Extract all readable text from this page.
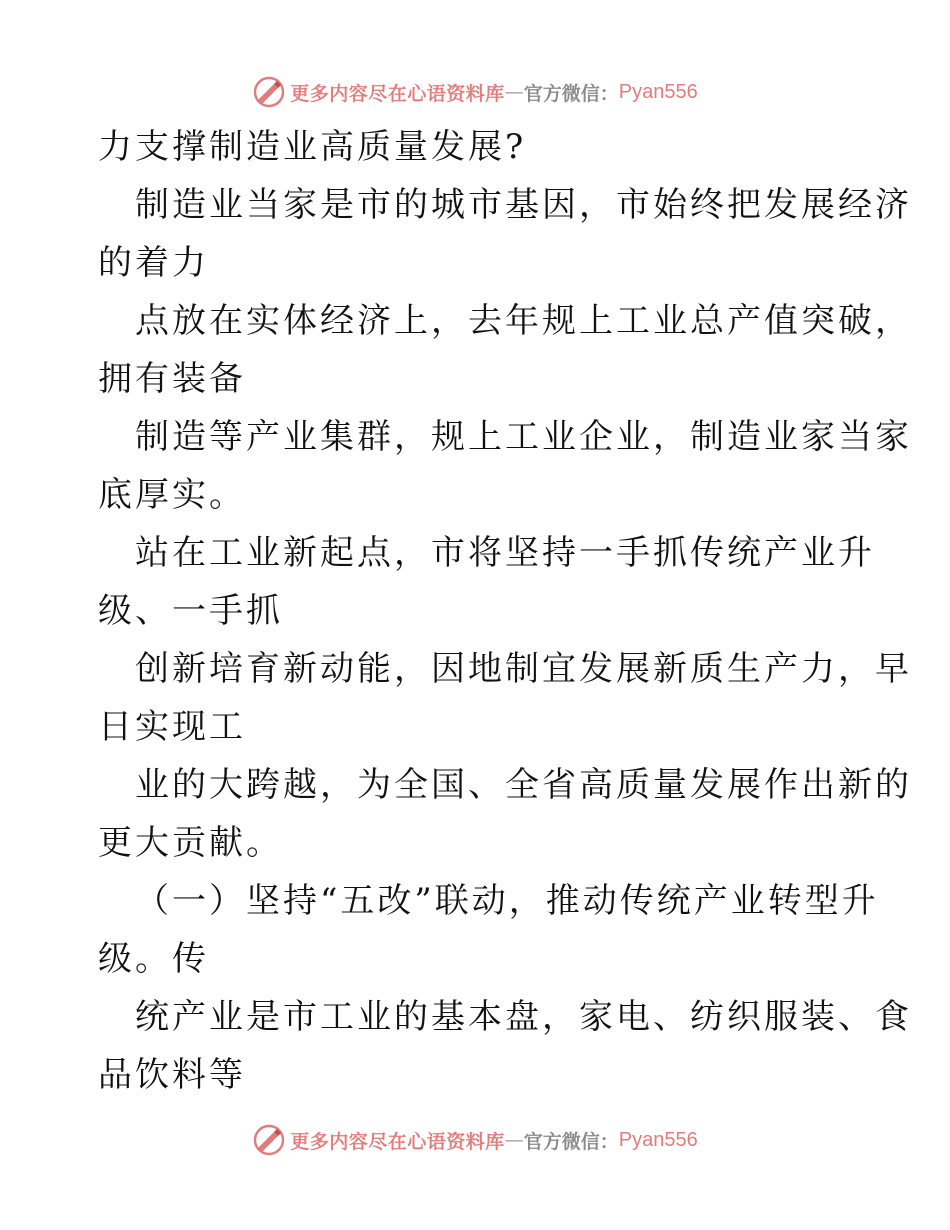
更多内容尽在心语资料库 — 官方微信： Pyan556
力支撑制造业高质量发展?
制造业当家是市的城市基因，市始终把发展经济
的着力
点放在实体经济上，去年规上工业总产值突破，
拥有装备
制造等产业集群，规上工业企业，制造业家当家
底厚实。
站在工业新起点，市将坚持一手抓传统产业升
级、一手抓
创新培育新动能，因地制宜发展新质生产力，早
日实现工
业的大跨越，为全国、全省高质量发展作出新的
更大贡献。
（一）坚持“五改”联动，推动传统产业转型升
级。传
统产业是市工业的基本盘，家电、纺织服装、食
品饮料等
更多内容尽在心语资料库 — 官方微信： Pyan556
